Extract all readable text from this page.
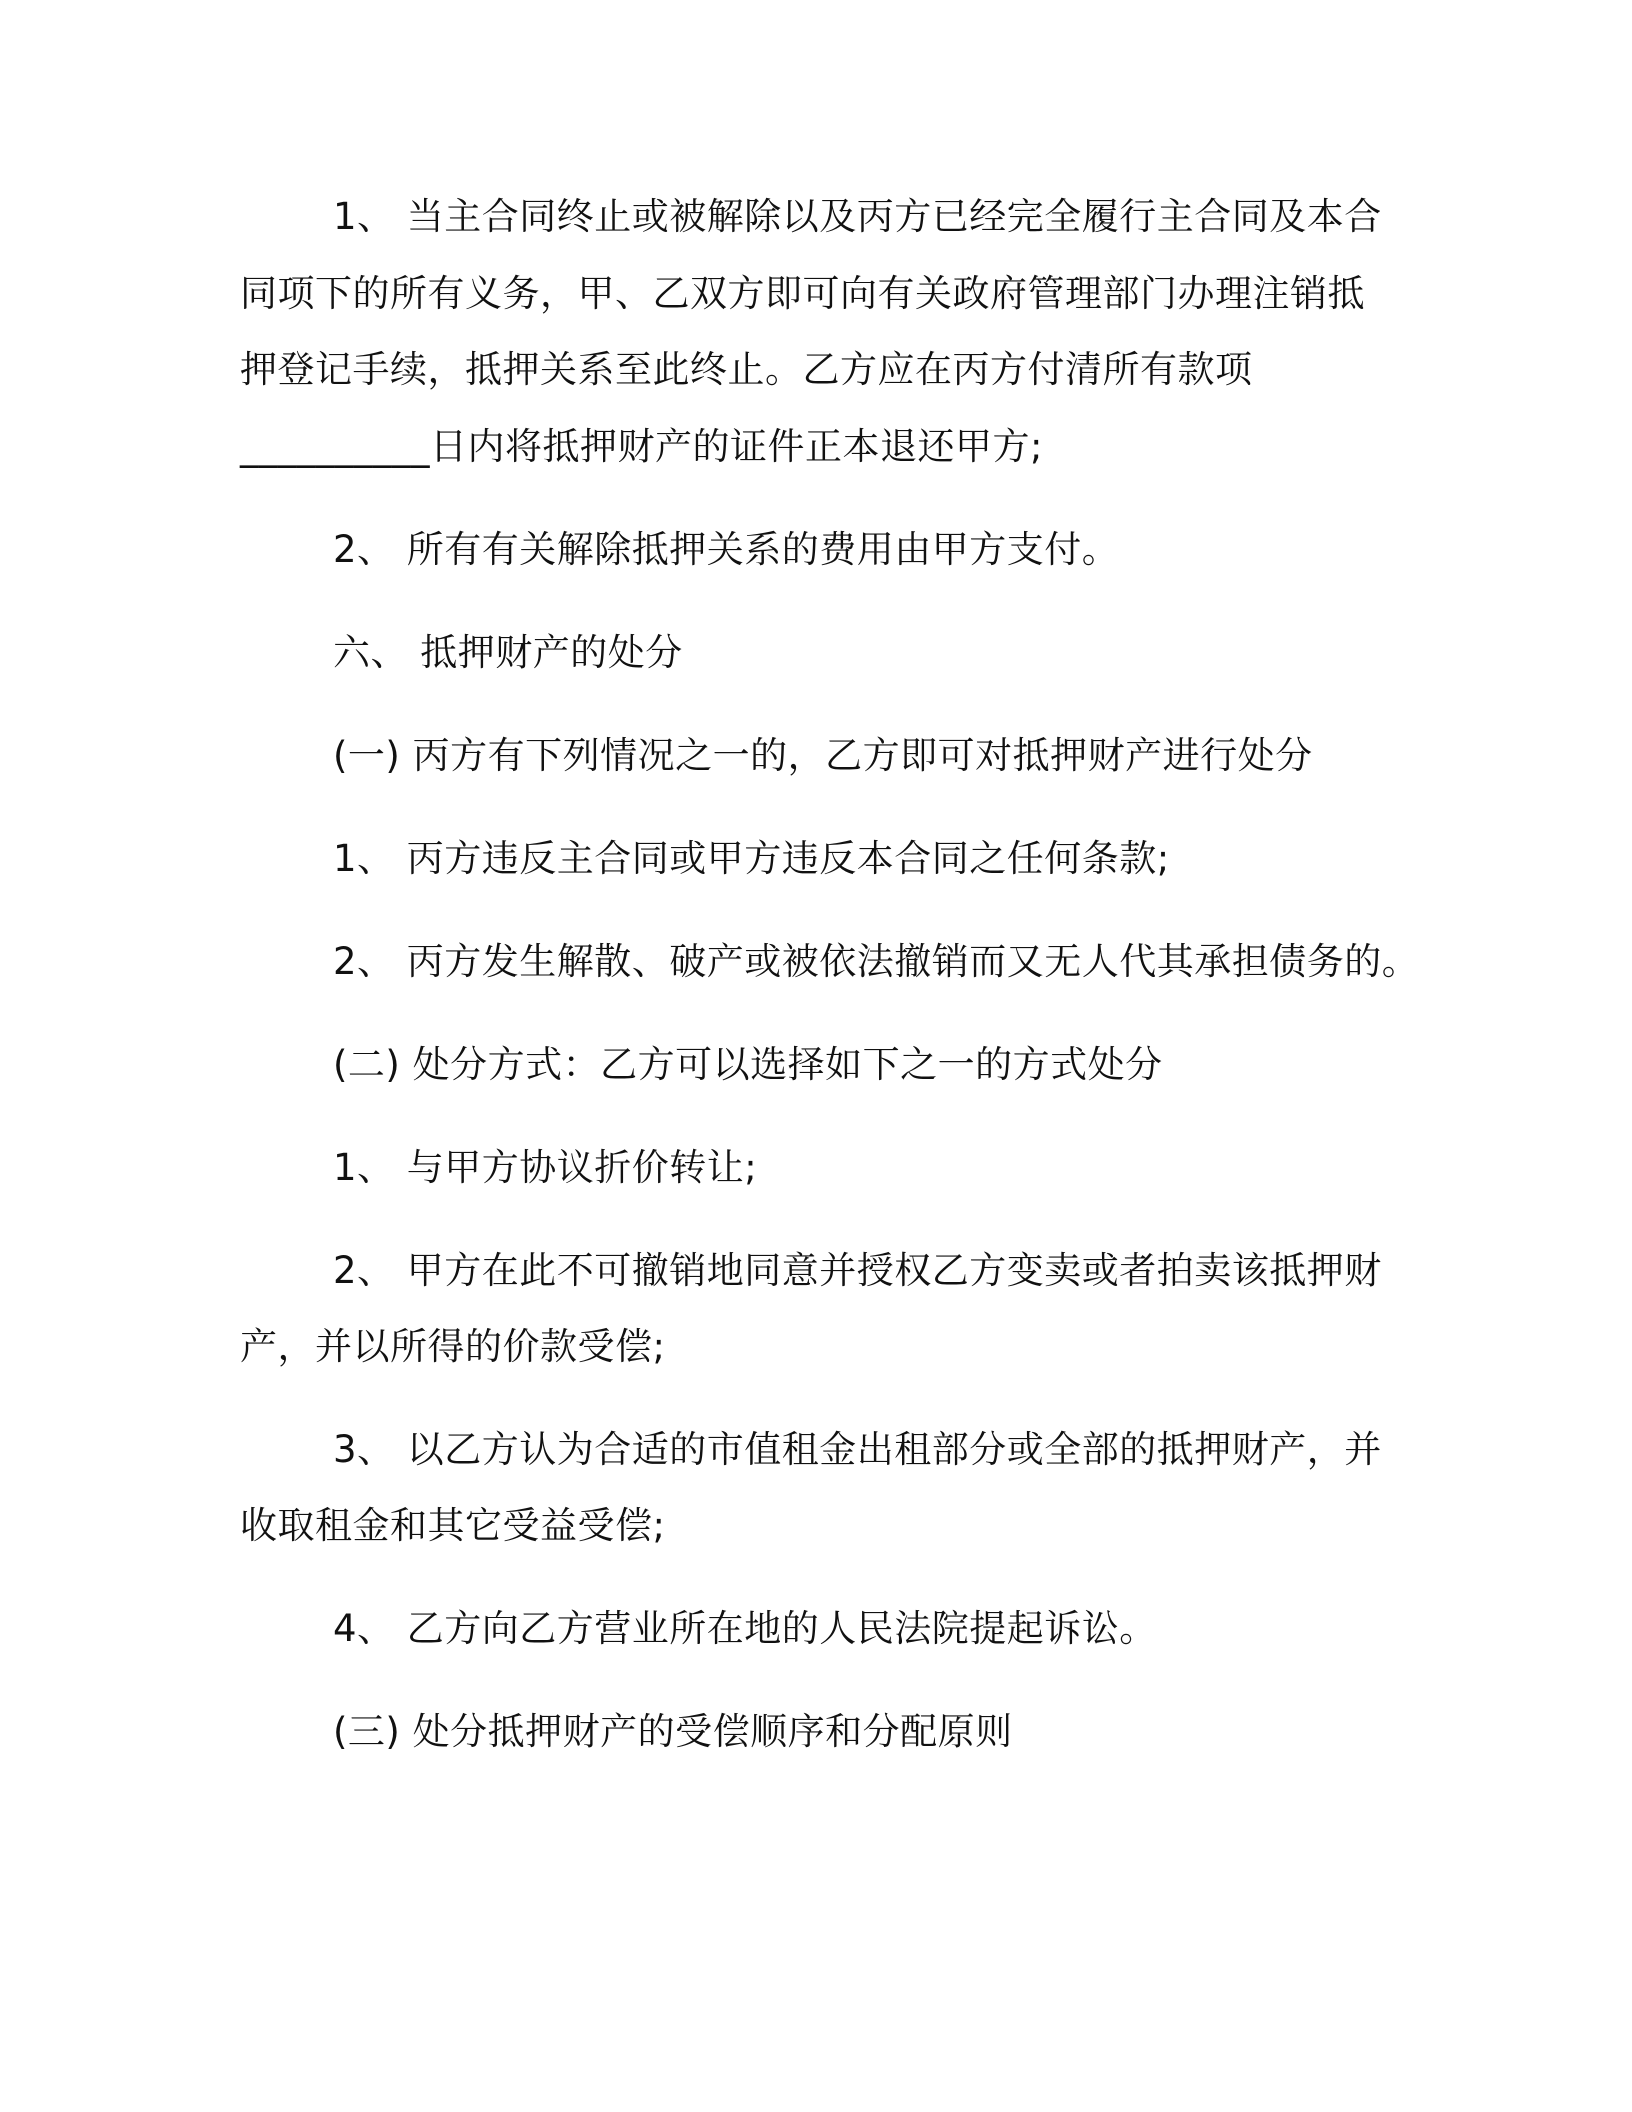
1、 当主合同终止或被解除以及丙方已经完全履行主合同及本合
同项下的所有义务，甲、乙双方即可向有关政府管理部门办理注销抵
押登记手续，抵押关系至此终止。乙方应在丙方付清所有款项
__________日内将抵押财产的证件正本退还甲方;
2、 所有有关解除抵押关系的费用由甲方支付。
六、 抵押财产的处分
(一) 丙方有下列情况之一的，乙方即可对抵押财产进行处分
1、 丙方违反主合同或甲方违反本合同之任何条款;
2、 丙方发生解散、破产或被依法撤销而又无人代其承担债务的。
(二) 处分方式：乙方可以选择如下之一的方式处分
1、 与甲方协议折价转让;
2、 甲方在此不可撤销地同意并授权乙方变卖或者拍卖该抵押财
产，并以所得的价款受偿;
3、 以乙方认为合适的市值租金出租部分或全部的抵押财产，并
收取租金和其它受益受偿;
4、 乙方向乙方营业所在地的人民法院提起诉讼。
(三) 处分抵押财产的受偿顺序和分配原则
